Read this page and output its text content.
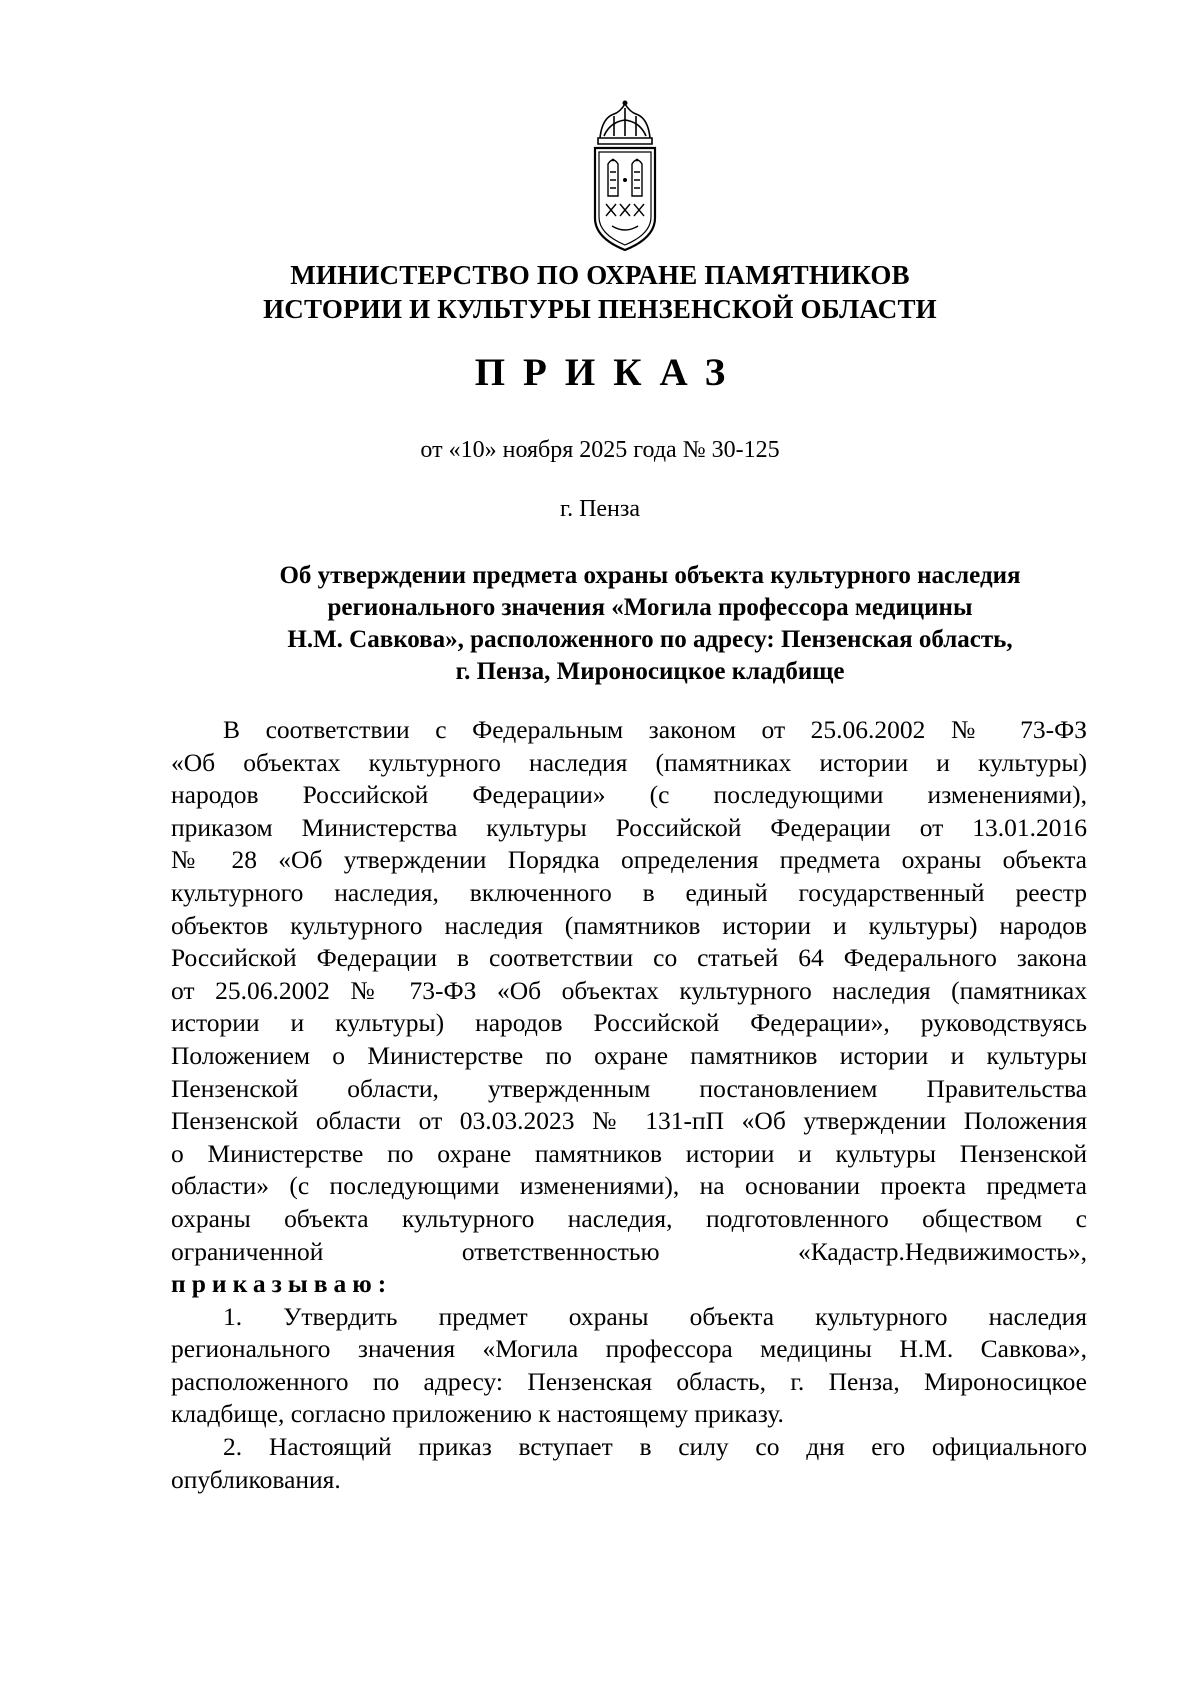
МИНИСТЕРСТВО ПО ОХРАНЕ ПАМЯТНИКОВ
ИСТОРИИ И КУЛЬТУРЫ ПЕНЗЕНСКОЙ ОБЛАСТИ
ПРИКАЗ
от «10» ноября 2025 года № 30-125
г. Пенза
Об утверждении предмета охраны объекта культурного наследия
регионального значения «Могила профессора медицины
Н.М. Савкова», расположенного по адресу: Пензенская область,
г. Пенза, Мироносицкое кладбище
В соответствии с Федеральным законом от 25.06.2002 № 73-ФЗ
«Об объектах культурного наследия (памятниках истории и культуры)
народов Российской Федерации» (с последующими изменениями),
приказом Министерства культуры Российской Федерации от 13.01.2016
№ 28 «Об утверждении Порядка определения предмета охраны объекта
культурного наследия, включенного в единый государственный реестр
объектов культурного наследия (памятников истории и культуры) народов
Российской Федерации в соответствии со статьей 64 Федерального закона
от 25.06.2002 № 73-ФЗ «Об объектах культурного наследия (памятниках
истории и культуры) народов Российской Федерации», руководствуясь
Положением о Министерстве по охране памятников истории и культуры
Пензенской области, утвержденным постановлением Правительства
Пензенской области от 03.03.2023 № 131-пП «Об утверждении Положения
о Министерстве по охране памятников истории и культуры Пензенской
области» (с последующими изменениями), на основании проекта предмета
охраны объекта культурного наследия, подготовленного обществом с
ограниченной ответственностью «Кадастр.Недвижимость»,
приказываю:
1. Утвердить предмет охраны объекта культурного наследия
регионального значения «Могила профессора медицины Н.М. Савкова»,
расположенного по адресу: Пензенская область, г. Пенза, Мироносицкое
кладбище, согласно приложению к настоящему приказу.
2. Настоящий приказ вступает в силу со дня его официального
опубликования.
